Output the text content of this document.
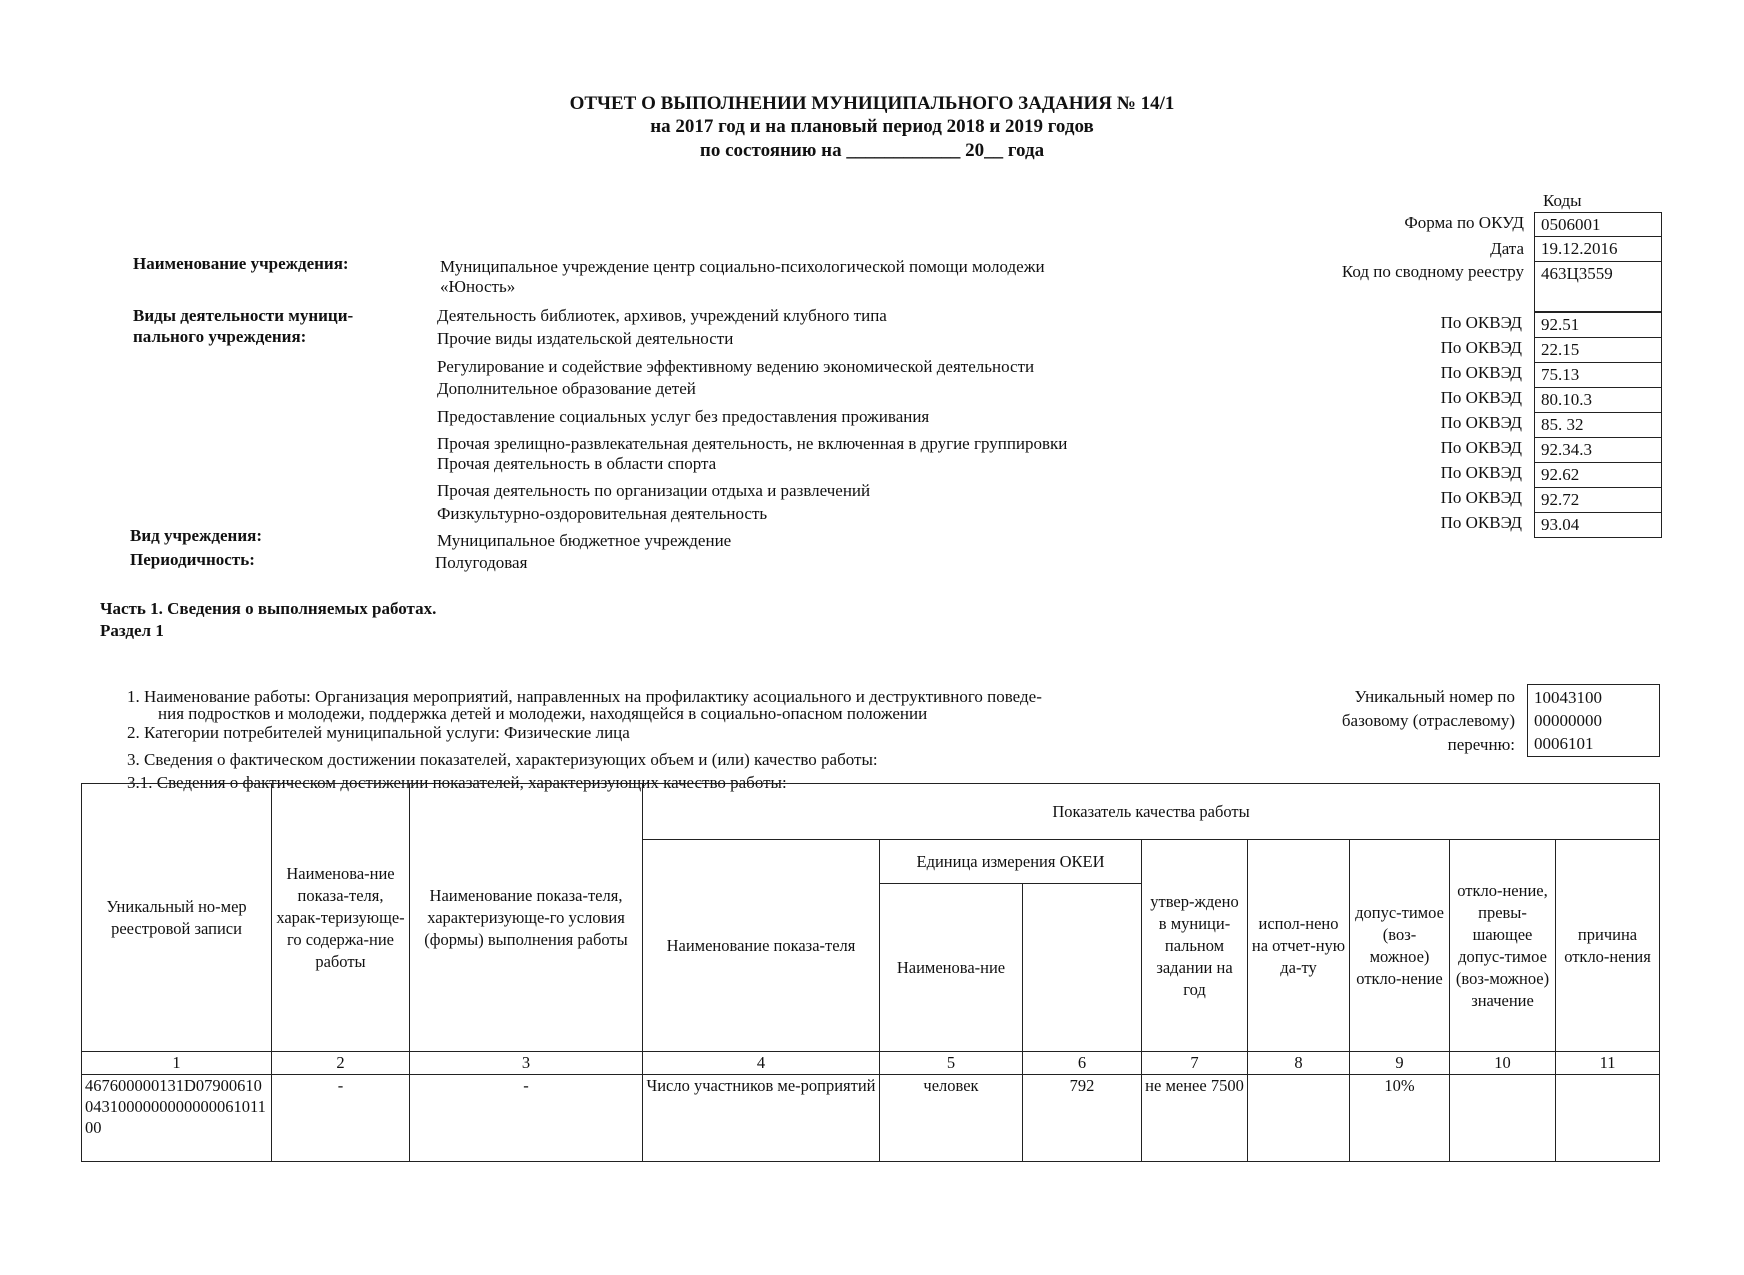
ОТЧЕТ О ВЫПОЛНЕНИИ МУНИЦИПАЛЬНОГО ЗАДАНИЯ № 14/1
на 2017 год и на плановый период 2018 и 2019 годов
по состоянию на ____________ 20__ года
Коды
Форма по ОКУД	0506001
Дата	19.12.2016
Код по сводному реестру	463Ц3559
Наименование учреждения:	Муниципальное учреждение центр социально-психологической помощи молодежи
«Юность»
Виды деятельности муници-
пального учреждения:
Деятельность библиотек, архивов, учреждений клубного типа
Прочие виды издательской деятельности
Регулирование и содействие эффективному ведению экономической деятельности
Дополнительное образование детей
Предоставление социальных услуг без предоставления проживания
Прочая зрелищно-развлекательная деятельность, не включенная в другие группировки
Прочая деятельность в области спорта
Прочая деятельность по организации отдыха и развлечений
Физкультурно-оздоровительная деятельность
По ОКВЭД	92.51
По ОКВЭД	22.15
По ОКВЭД	75.13
По ОКВЭД	80.10.3
По ОКВЭД	85. 32
По ОКВЭД	92.34.3
По ОКВЭД	92.62
По ОКВЭД	92.72
По ОКВЭД	93.04
Вид учреждения:	Муниципальное бюджетное учреждение
Периодичность:	Полугодовая
Часть 1. Сведения о выполняемых работах.
Раздел 1
1. Наименование работы: Организация мероприятий, направленных на профилактику асоциального и деструктивного поведе-
ния подростков и молодежи, поддержка детей и молодежи, находящейся в социально-опасном положении
2. Категории потребителей муниципальной услуги: Физические лица
3. Сведения о фактическом достижении показателей, характеризующих объем и (или) качество работы:
3.1. Сведения о фактическом достижении показателей, характеризующих качество работы:
Уникальный номер по
базовому (отраслевому)
перечню:
10043100
00000000
0006101
Уникальный но-мер реестровой записи	Наименова-ние показа-теля, харак-теризующе-го содержа-ние работы	Наименование показа-теля, характеризующе-го условия (формы) выполнения работы	Показатель качества работы							
			Наименование показа-теля	Единица измерения ОКЕИ		утвер-ждено в муници-пальном задании на год	испол-нено на отчет-ную да-ту	допус-тимое (воз-можное) откло-нение	откло-нение, превы-шающее допус-тимое (воз-можное) значение	причина откло-нения
				Наименова-ние						
1	2	3	4	5	6	7	8	9	10	11
467600000131D07900610043100000000000006101100	-	-	Число участников ме-роприятий	человек	792	не менее 7500		10%		
